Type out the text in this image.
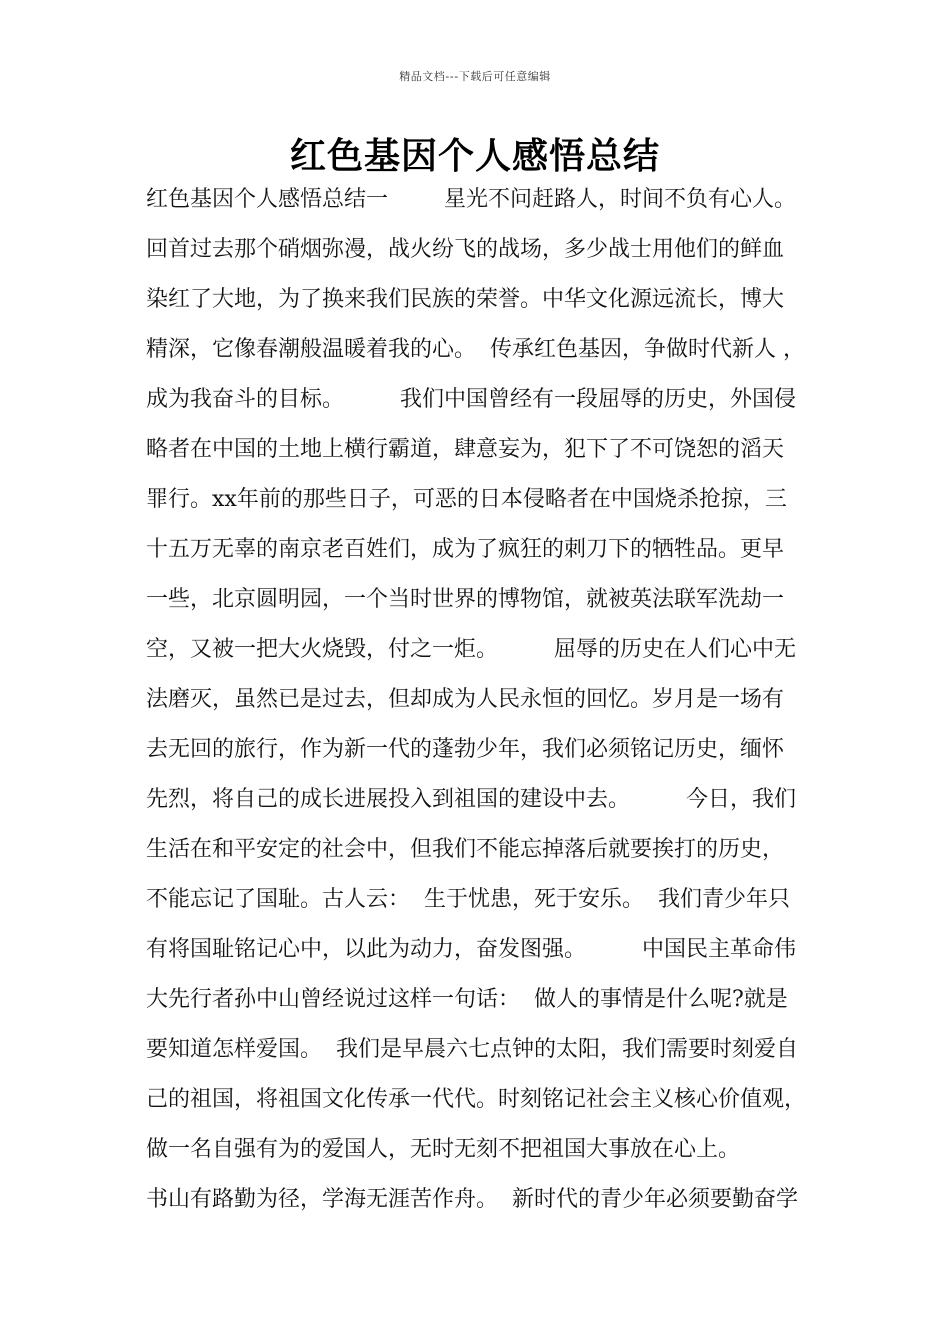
精品文档---下载后可任意编辑
红色基因个人感悟总结
红色基因个人感悟总结一        星光不问赶路人，时间不负有心人。
回首过去那个硝烟弥漫，战火纷飞的战场，多少战士用他们的鲜血
染红了大地，为了换来我们民族的荣誉。中华文化源远流长，博大
精深，它像春潮般温暖着我的心。  传承红色基因，争做时代新人 ，
成为我奋斗的目标。        我们中国曾经有一段屈辱的历史，外国侵
略者在中国的土地上横行霸道，肆意妄为，犯下了不可饶恕的滔天
罪行。xx年前的那些日子，可恶的日本侵略者在中国烧杀抢掠，三
十五万无辜的南京老百姓们，成为了疯狂的刺刀下的牺牲品。更早
一些，北京圆明园，一个当时世界的博物馆，就被英法联军洗劫一
空，又被一把大火烧毁，付之一炬。        屈辱的历史在人们心中无
法磨灭，虽然已是过去，但却成为人民永恒的回忆。岁月是一场有
去无回的旅行，作为新一代的蓬勃少年，我们必须铭记历史，缅怀
先烈，将自己的成长进展投入到祖国的建设中去。        今日，我们
生活在和平安定的社会中，但我们不能忘掉落后就要挨打的历史，
不能忘记了国耻。古人云：  生于忧患，死于安乐。  我们青少年只
有将国耻铭记心中，以此为动力，奋发图强。        中国民主革命伟
大先行者孙中山曾经说过这样一句话：  做人的事情是什么呢?就是
要知道怎样爱国。  我们是早晨六七点钟的太阳，我们需要时刻爱自
己的祖国，将祖国文化传承一代代。时刻铭记社会主义核心价值观，
做一名自强有为的爱国人，无时无刻不把祖国大事放在心上。
书山有路勤为径，学海无涯苦作舟。  新时代的青少年必须要勤奋学
